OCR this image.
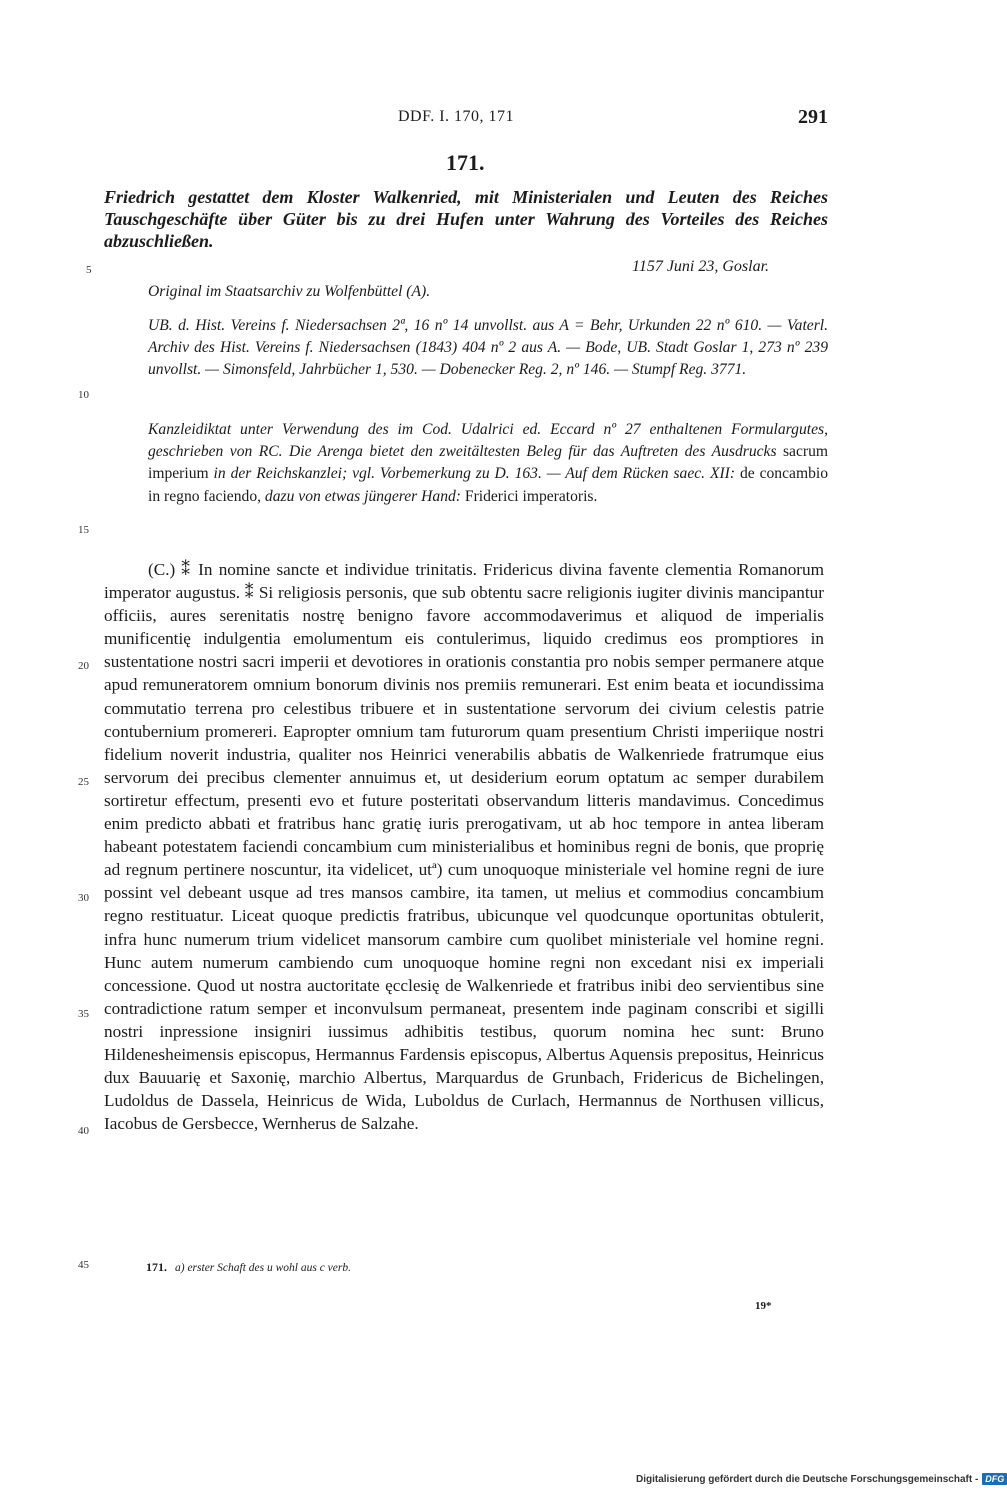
DDF. I. 170, 171	291
171.
Friedrich gestattet dem Kloster Walkenried, mit Ministerialen und Leuten des Reiches Tauschgeschäfte über Güter bis zu drei Hufen unter Wahrung des Vorteiles des Reiches abzuschließen.
1157 Juni 23, Goslar.
Original im Staatsarchiv zu Wolfenbüttel (A).
UB. d. Hist. Vereins f. Niedersachsen 2ª, 16 nº 14 unvollst. aus A = Behr, Urkunden 22 nº 610. — Vaterl. Archiv des Hist. Vereins f. Niedersachsen (1843) 404 nº 2 aus A. — Bode, UB. Stadt Goslar 1, 273 nº 239 unvollst. — Simonsfeld, Jahrbücher 1, 530. — Dobenecker Reg. 2, nº 146. — Stumpf Reg. 3771.
Kanzleidiktat unter Verwendung des im Cod. Udalrici ed. Eccard nº 27 enthaltenen Formulargutes, geschrieben von RC. Die Arenga bietet den zweitältesten Beleg für das Auftreten des Ausdrucks sacrum imperium in der Reichskanzlei; vgl. Vorbemerkung zu D. 163. — Auf dem Rücken saec. XII: de concambio in regno faciendo, dazu von etwas jüngerer Hand: Friderici imperatoris.
(C.) ⁑ In nomine sancte et individue trinitatis. Fridericus divina favente clementia Romanorum imperator augustus. ⁑ Si religiosis personis, que sub obtentu sacre religionis iugiter divinis mancipantur officiis, aures serenitatis nostrę benigno favore accommodaverimus et aliquod de imperialis munificentię indulgentia emolumentum eis contulerimus, liquido credimus eos promptiores in sustentatione nostri sacri imperii et devotiores in orationis constantia pro nobis semper permanere atque apud remuneratorem omnium bonorum divinis nos premiis remunerari. Est enim beata et iocundissima commutatio terrena pro celestibus tribuere et in sustentatione servorum dei civium celestis patrie contubernium promereri. Eapropter omnium tam futurorum quam presentium Christi imperiique nostri fidelium noverit industria, qualiter nos Heinrici venerabilis abbatis de Walkenriede fratrumque eius servorum dei precibus clementer annuimus et, ut desiderium eorum optatum ac semper durabilem sortiretur effectum, presenti evo et future posteritati observandum litteris mandavimus. Concedimus enim predicto abbati et fratribus hanc gratię iuris prerogativam, ut ab hoc tempore in antea liberam habeant potestatem faciendi concambium cum ministerialibus et hominibus regni de bonis, que proprię ad regnum pertinere noscuntur, ita videlicet, utª) cum unoquoque ministeriale vel homine regni de iure possint vel debeant usque ad tres mansos cambire, ita tamen, ut melius et commodius concambium regno restituatur. Liceat quoque predictis fratribus, ubicunque vel quodcunque oportunitas obtulerit, infra hunc numerum trium videlicet mansorum cambire cum quolibet ministeriale vel homine regni. Hunc autem numerum cambiendo cum unoquoque homine regni non excedant nisi ex imperiali concessione. Quod ut nostra auctoritate ęcclesię de Walkenriede et fratribus inibi deo servientibus sine contradictione ratum semper et inconvulsum permaneat, presentem inde paginam conscribi et sigilli nostri inpressione insigniri iussimus adhibitis testibus, quorum nomina hec sunt: Bruno Hildenesheimensis episcopus, Hermannus Fardensis episcopus, Albertus Aquensis prepositus, Heinricus dux Bauuarię et Saxonię, marchio Albertus, Marquardus de Grunbach, Fridericus de Bichelingen, Ludoldus de Dassela, Heinricus de Wida, Luboldus de Curlach, Hermannus de Northusen villicus, Iacobus de Gersbecce, Wernherus de Salzahe.
5
10
15
20
25
30
35
40
45	171. a) erster Schaft des u wohl aus c verb.
19*
Digitalisierung gefördert durch die Deutsche Forschungsgemeinschaft - DFG
